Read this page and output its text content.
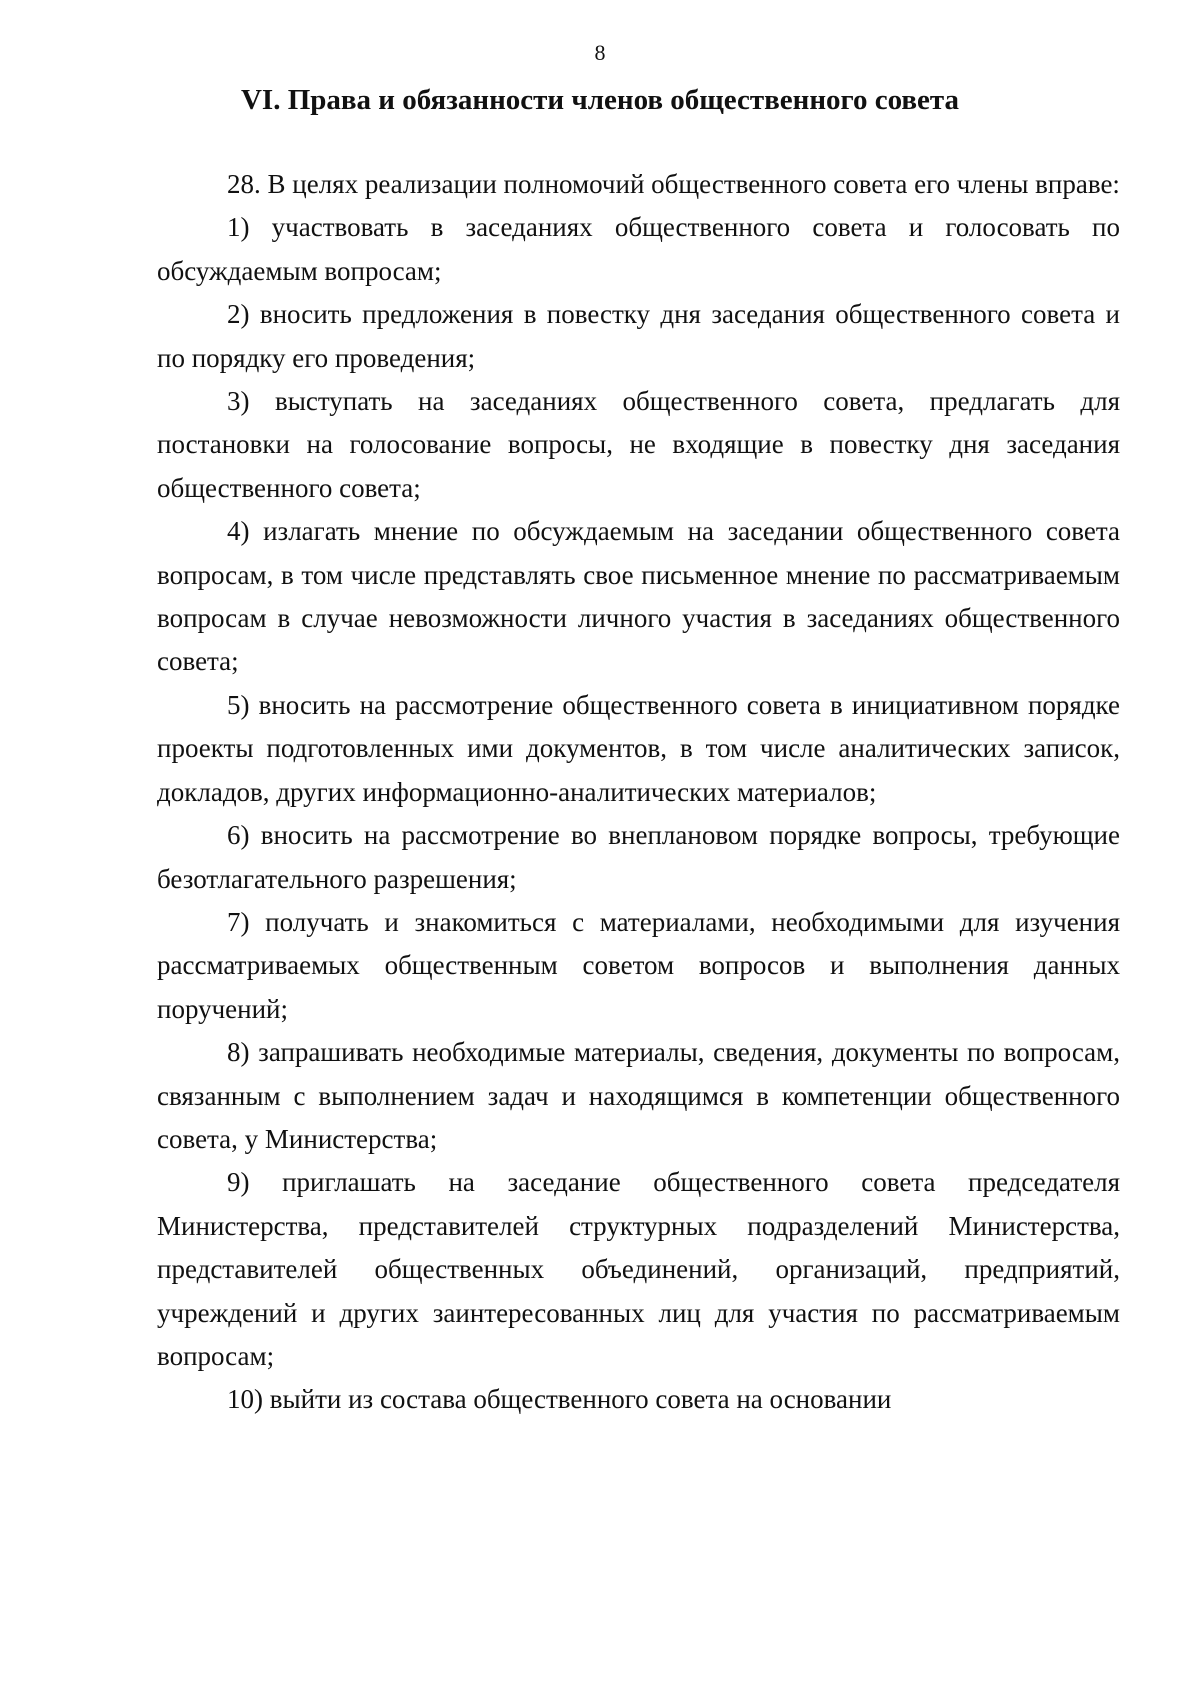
8
VI. Права и обязанности членов общественного совета

28. В целях реализации полномочий общественного совета его члены вправе:

1) участвовать в заседаниях общественного совета и голосовать по обсуждаемым вопросам;

2) вносить предложения в повестку дня заседания общественного совета и по порядку его проведения;

3) выступать на заседаниях общественного совета, предлагать для постановки на голосование вопросы, не входящие в повестку дня заседания общественного совета;

4) излагать мнение по обсуждаемым на заседании общественного совета вопросам, в том числе представлять свое письменное мнение по рассматриваемым вопросам в случае невозможности личного участия в заседаниях общественного совета;

5) вносить на рассмотрение общественного совета в инициативном порядке проекты подготовленных ими документов, в том числе аналитических записок, докладов, других информационно-аналитических материалов;

6) вносить на рассмотрение во внеплановом порядке вопросы, требующие безотлагательного разрешения;

7) получать и знакомиться с материалами, необходимыми для изучения рассматриваемых общественным советом вопросов и выполнения данных поручений;

8) запрашивать необходимые материалы, сведения, документы по вопросам, связанным с выполнением задач и находящимся в компетенции общественного совета, у Министерства;

9) приглашать на заседание общественного совета председателя Министерства, представителей структурных подразделений Министерства, представителей общественных объединений, организаций, предприятий, учреждений и других заинтересованных лиц для участия по рассматриваемым вопросам;

10) выйти из состава общественного совета на основании
